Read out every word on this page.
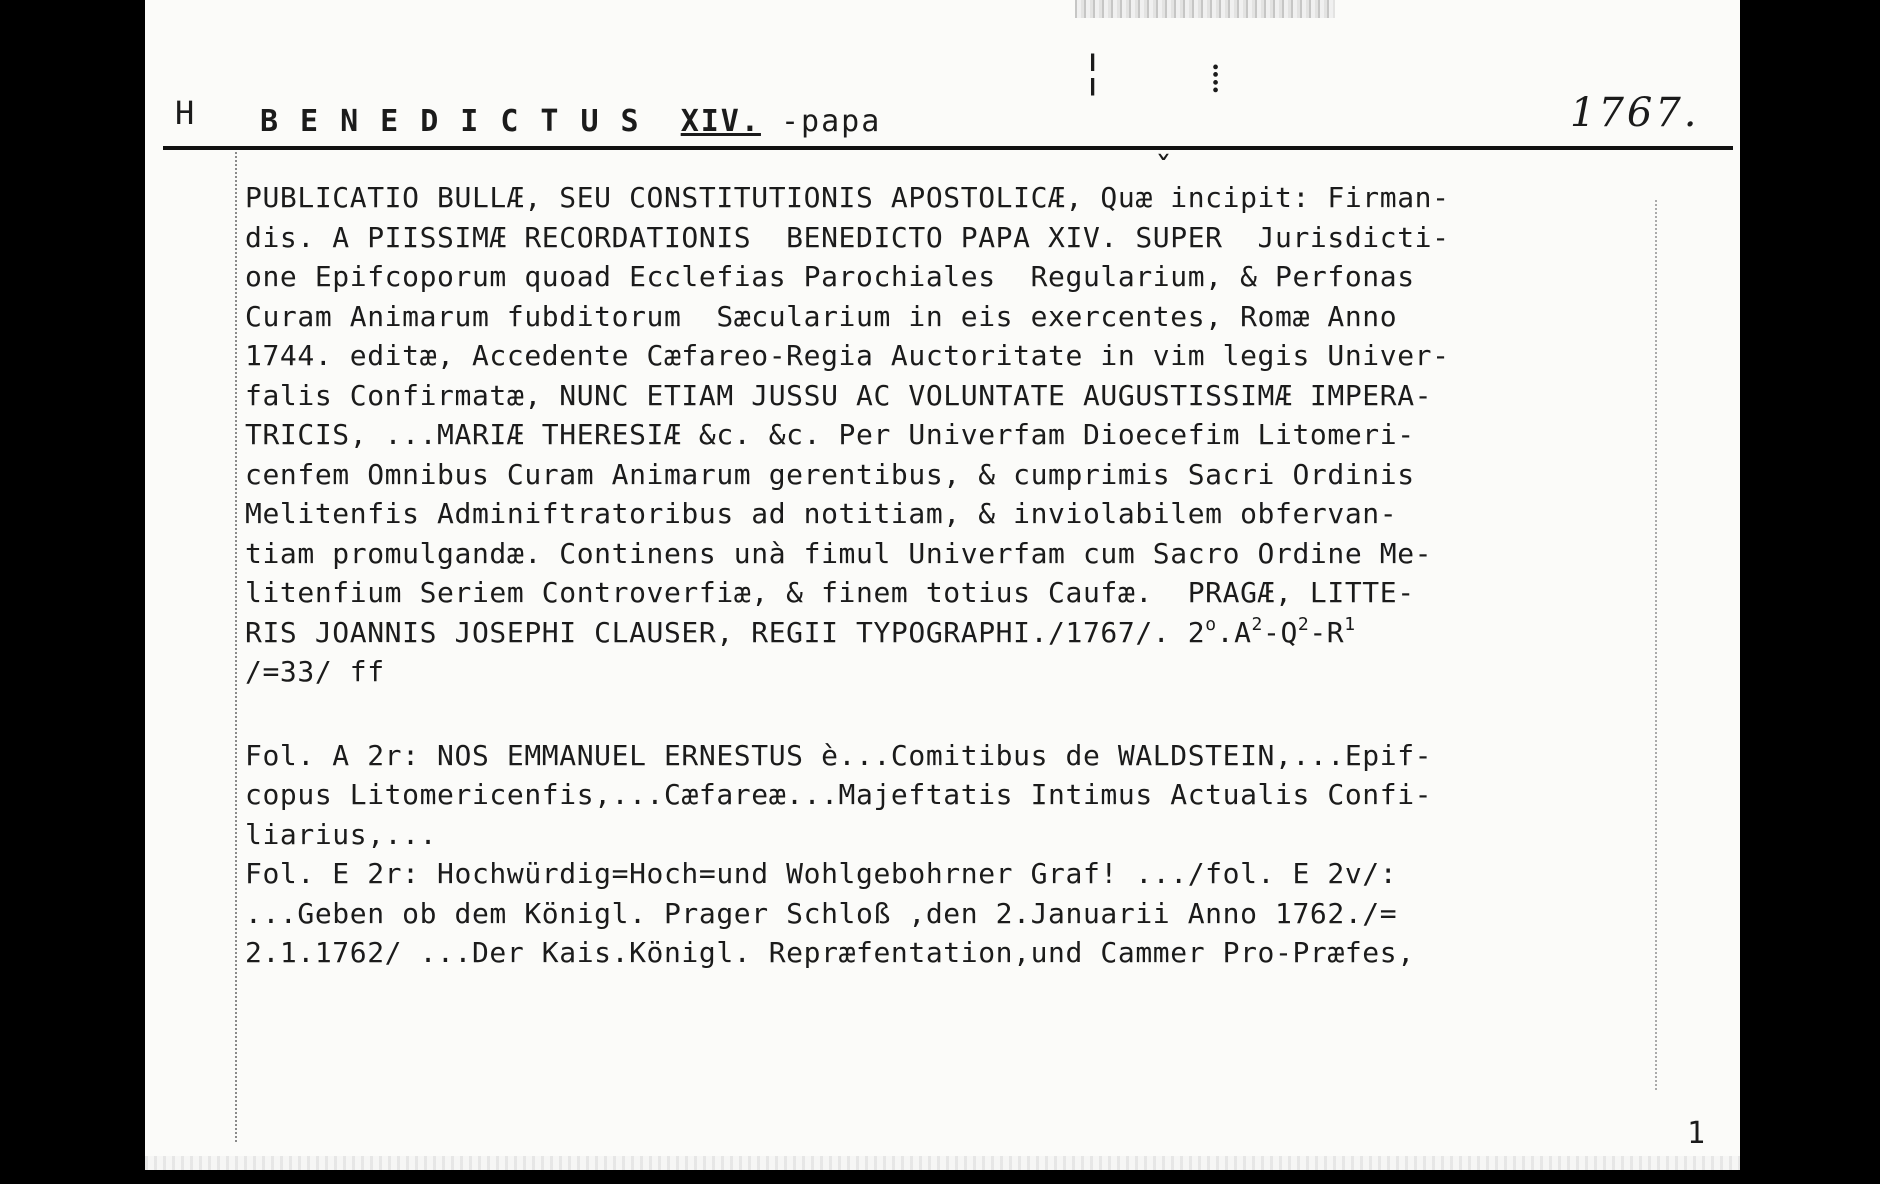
╎	⁞
ˇ
H BENEDICTUS XIV. -papa	1767.
PUBLICATIO BULLÆ, SEU CONSTITUTIONIS APOSTOLICÆ, Quæ incipit: Firman-
dis. A PIISSIMÆ RECORDATIONIS  BENEDICTO PAPA XIV. SUPER  Jurisdicti-
one Epifcoporum quoad Ecclefias Parochiales  Regularium, & Perfonas
Curam Animarum fubditorum  Sæcularium in eis exercentes, Romæ Anno
1744. editæ, Accedente Cæfareo-Regia Auctoritate in vim legis Univer-
falis Confirmatæ, NUNC ETIAM JUSSU AC VOLUNTATE AUGUSTISSIMÆ IMPERA-
TRICIS, ...MARIÆ THERESIÆ &c. &c. Per Univerfam Dioecefim Litomeri-
cenfem Omnibus Curam Animarum gerentibus, & cumprimis Sacri Ordinis
Melitenfis Adminiftratoribus ad notitiam, & inviolabilem obfervan-
tiam promulgandæ. Continens unà fimul Univerfam cum Sacro Ordine Me-
litenfium Seriem Controverfiæ, & finem totius Caufæ.  PRAGÆ, LITTE-
RIS JOANNIS JOSEPHI CLAUSER, REGII TYPOGRAPHI./1767/. $2^o.A^2-Q^2-R^1$
/=33/ ff
Fol. A 2r: NOS EMMANUEL ERNESTUS è...Comitibus de WALDSTEIN,...Epif-
copus Litomericenfis,...Cæfareæ...Majeftatis Intimus Actualis Confi-
liarius,...
Fol. E 2r: Hochwürdig=Hoch=und Wohlgebohrner Graf! .../fol. E 2v/:
...Geben ob dem Königl. Prager Schloß ,den 2.Januarii Anno 1762./=
2.1.1762/ ...Der Kais.Königl. Repræfentation,und Cammer Pro-Præfes,
1
